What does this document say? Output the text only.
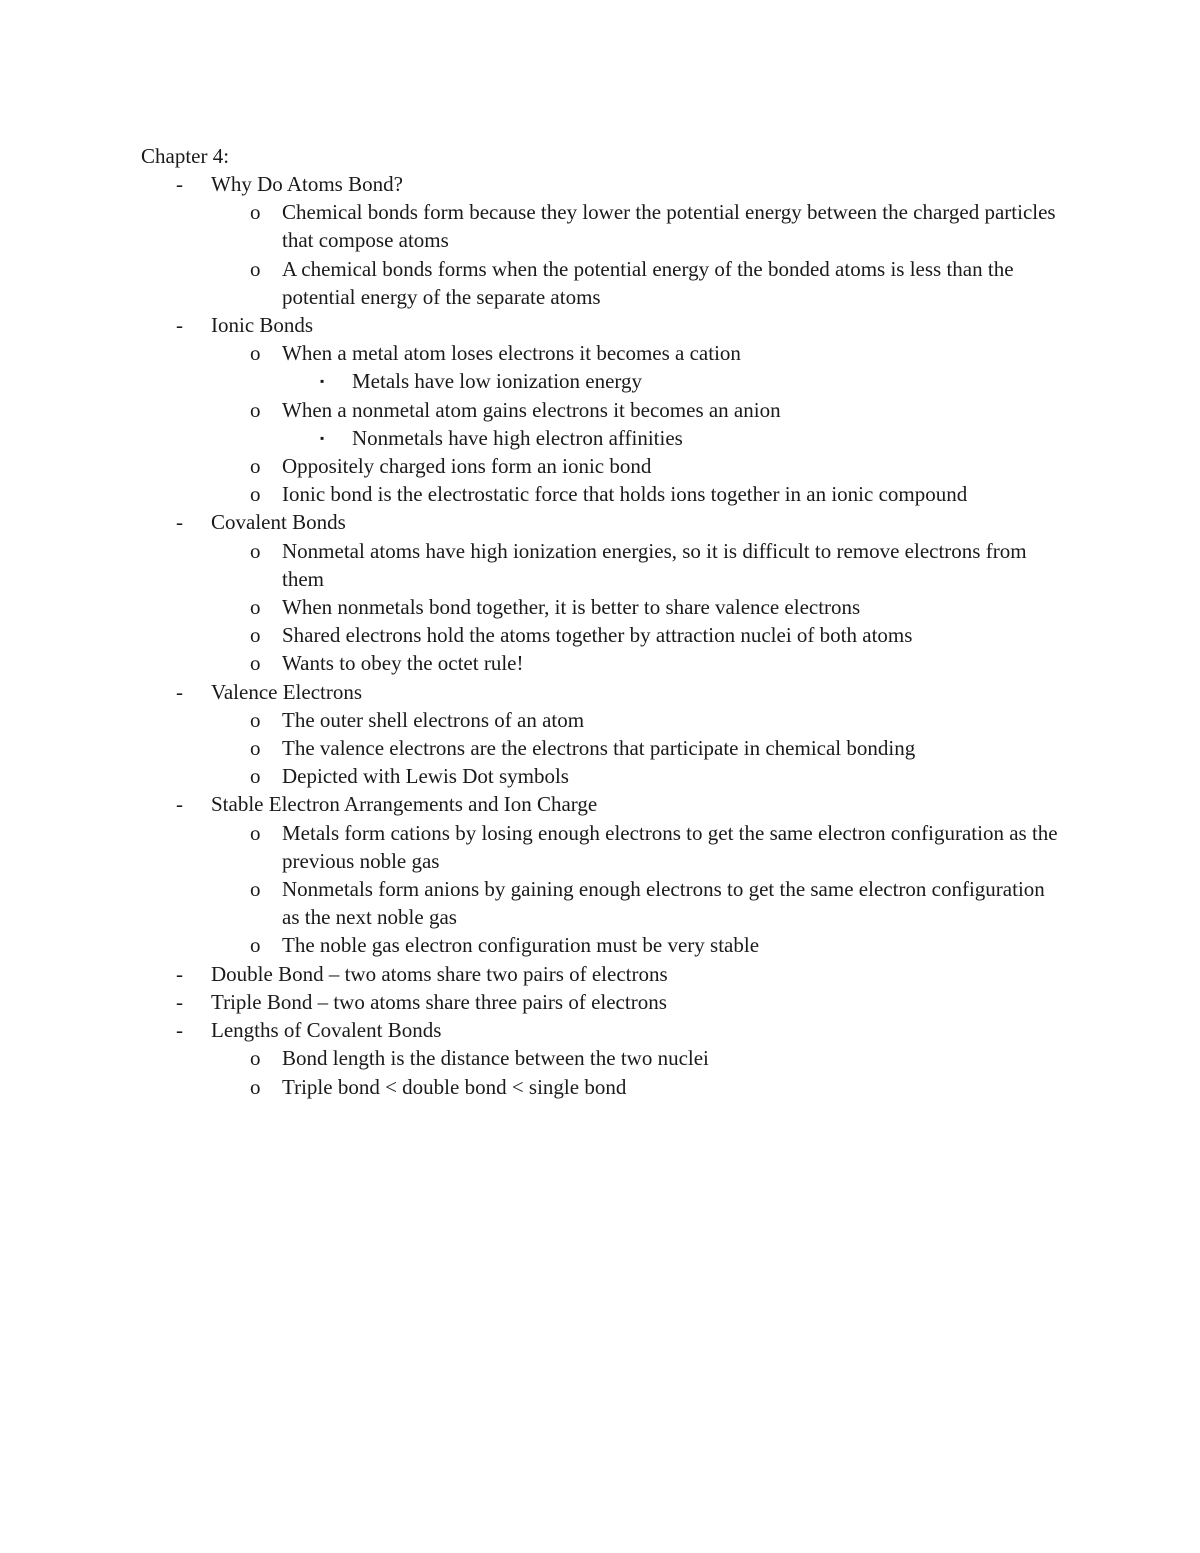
Chapter 4:
- Why Do Atoms Bond?
o Chemical bonds form because they lower the potential energy between the charged particles that compose atoms
o A chemical bonds forms when the potential energy of the bonded atoms is less than the potential energy of the separate atoms
- Ionic Bonds
o When a metal atom loses electrons it becomes a cation
▪ Metals have low ionization energy
o When a nonmetal atom gains electrons it becomes an anion
▪ Nonmetals have high electron affinities
o Oppositely charged ions form an ionic bond
o Ionic bond is the electrostatic force that holds ions together in an ionic compound
- Covalent Bonds
o Nonmetal atoms have high ionization energies, so it is difficult to remove electrons from them
o When nonmetals bond together, it is better to share valence electrons
o Shared electrons hold the atoms together by attraction nuclei of both atoms
o Wants to obey the octet rule!
- Valence Electrons
o The outer shell electrons of an atom
o The valence electrons are the electrons that participate in chemical bonding
o Depicted with Lewis Dot symbols
- Stable Electron Arrangements and Ion Charge
o Metals form cations by losing enough electrons to get the same electron configuration as the previous noble gas
o Nonmetals form anions by gaining enough electrons to get the same electron configuration as the next noble gas
o The noble gas electron configuration must be very stable
- Double Bond – two atoms share two pairs of electrons
- Triple Bond – two atoms share three pairs of electrons
- Lengths of Covalent Bonds
o Bond length is the distance between the two nuclei
o Triple bond < double bond < single bond
